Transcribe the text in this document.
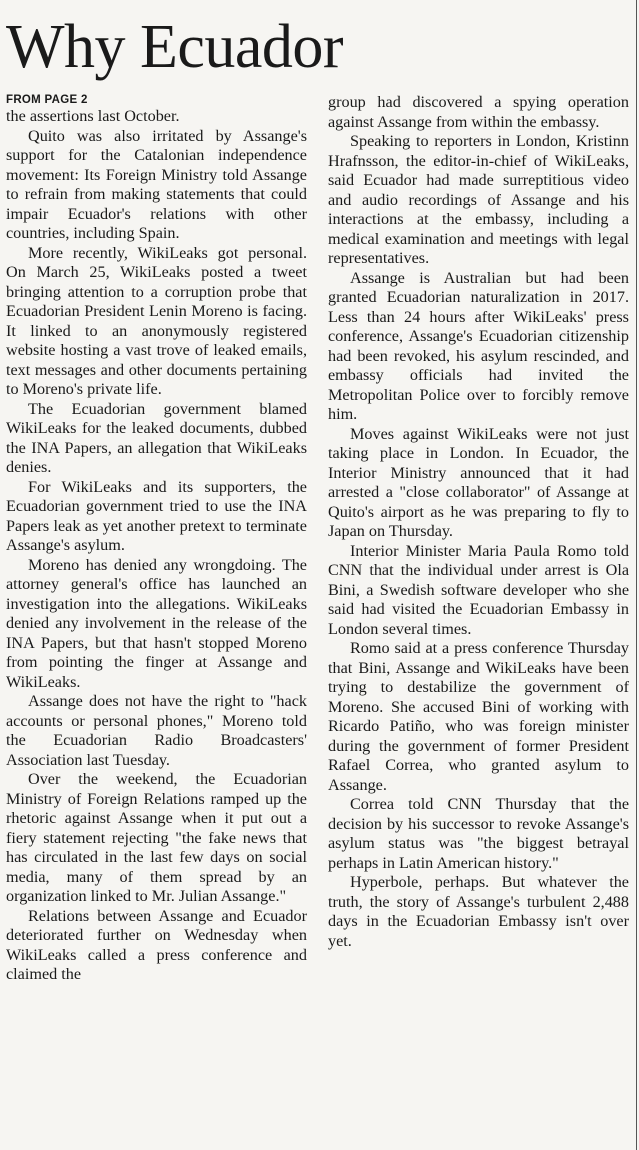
Why Ecuador
FROM PAGE 2

the assertions last October.

Quito was also irritated by Assange's support for the Catalonian independence movement: Its Foreign Ministry told Assange to refrain from making statements that could impair Ecuador's relations with other countries, including Spain.

More recently, WikiLeaks got personal. On March 25, WikiLeaks posted a tweet bringing attention to a corruption probe that Ecuadorian President Lenin Moreno is facing. It linked to an anonymously registered website hosting a vast trove of leaked emails, text messages and other documents pertaining to Moreno's private life.

The Ecuadorian government blamed WikiLeaks for the leaked documents, dubbed the INA Papers, an allegation that WikiLeaks denies.

For WikiLeaks and its supporters, the Ecuadorian government tried to use the INA Papers leak as yet another pretext to terminate Assange's asylum.

Moreno has denied any wrongdoing. The attorney general's office has launched an investigation into the allegations. WikiLeaks denied any involvement in the release of the INA Papers, but that hasn't stopped Moreno from pointing the finger at Assange and WikiLeaks.

Assange does not have the right to "hack accounts or personal phones," Moreno told the Ecuadorian Radio Broadcasters' Association last Tuesday.

Over the weekend, the Ecuadorian Ministry of Foreign Relations ramped up the rhetoric against Assange when it put out a fiery statement rejecting "the fake news that has circulated in the last few days on social media, many of them spread by an organization linked to Mr. Julian Assange."

Relations between Assange and Ecuador deteriorated further on Wednesday when WikiLeaks called a press conference and claimed the

group had discovered a spying operation against Assange from within the embassy.

Speaking to reporters in London, Kristinn Hrafnsson, the editor-in-chief of WikiLeaks, said Ecuador had made surreptitious video and audio recordings of Assange and his interactions at the embassy, including a medical examination and meetings with legal representatives.

Assange is Australian but had been granted Ecuadorian naturalization in 2017. Less than 24 hours after WikiLeaks' press conference, Assange's Ecuadorian citizenship had been revoked, his asylum rescinded, and embassy officials had invited the Metropolitan Police over to forcibly remove him.

Moves against WikiLeaks were not just taking place in London. In Ecuador, the Interior Ministry announced that it had arrested a "close collaborator" of Assange at Quito's airport as he was preparing to fly to Japan on Thursday.

Interior Minister Maria Paula Romo told CNN that the individual under arrest is Ola Bini, a Swedish software developer who she said had visited the Ecuadorian Embassy in London several times.

Romo said at a press conference Thursday that Bini, Assange and WikiLeaks have been trying to destabilize the government of Moreno. She accused Bini of working with Ricardo Patiño, who was foreign minister during the government of former President Rafael Correa, who granted asylum to Assange.

Correa told CNN Thursday that the decision by his successor to revoke Assange's asylum status was "the biggest betrayal perhaps in Latin American history."

Hyperbole, perhaps. But whatever the truth, the story of Assange's turbulent 2,488 days in the Ecuadorian Embassy isn't over yet.
